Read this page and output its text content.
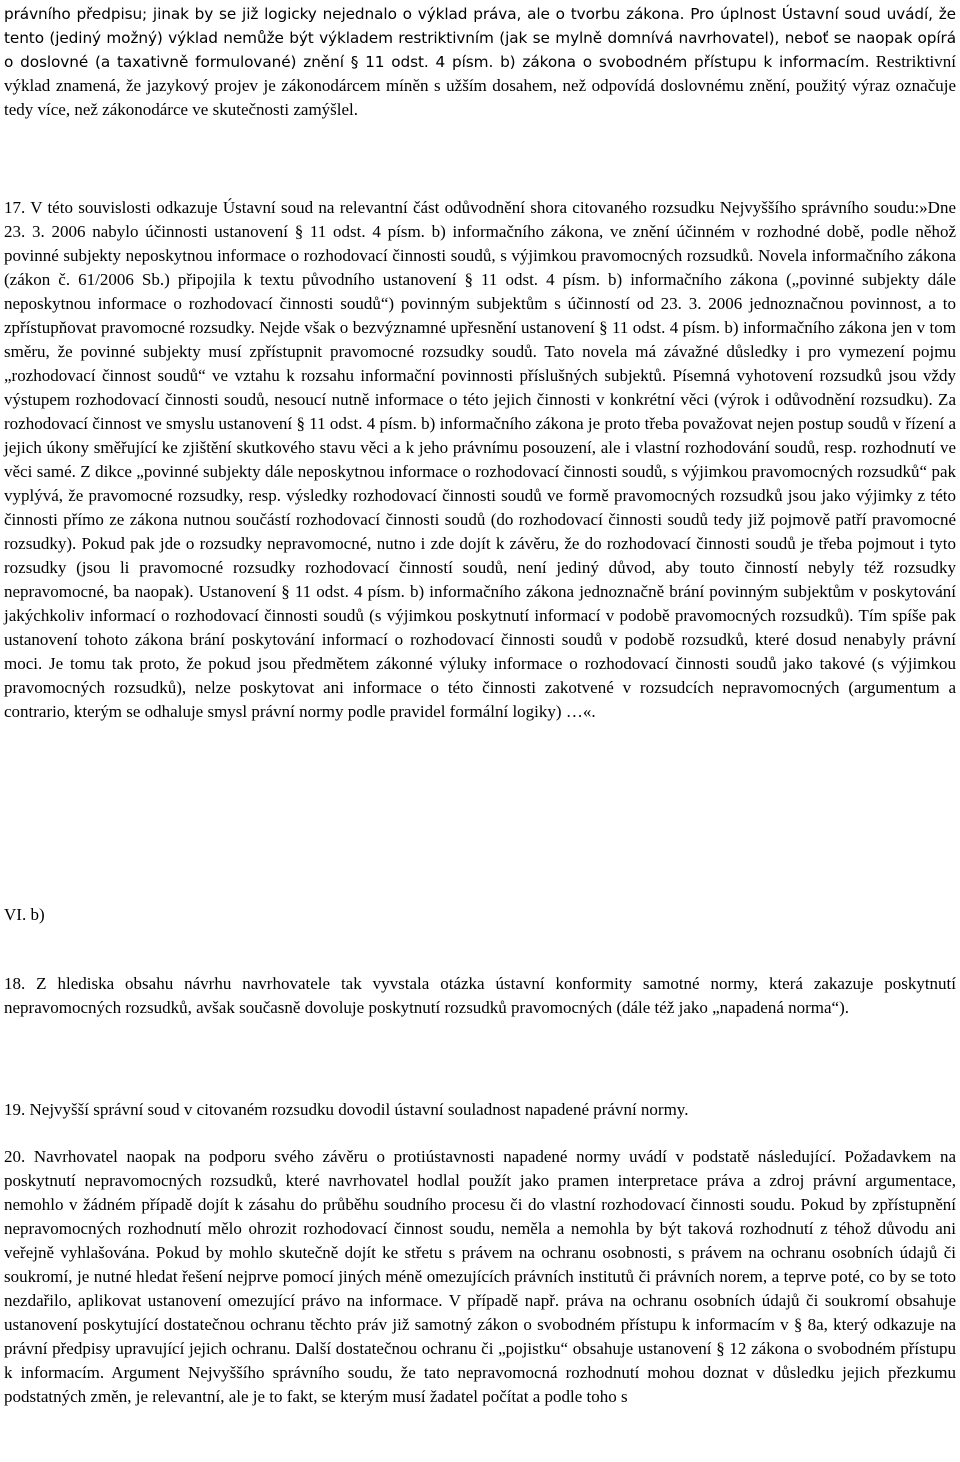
právního předpisu; jinak by se již logicky nejednalo o výklad práva, ale o tvorbu zákona. Pro úplnost Ústavní soud uvádí, že tento (jediný možný) výklad nemůže být výkladem restriktivním (jak se mylně domnívá navrhovatel), neboť se naopak opírá o doslovné (a taxativně formulované) znění § 11 odst. 4 písm. b) zákona o svobodném přístupu k informacím. Restriktivní výklad znamená, že jazykový projev je zákonodárcem míněn s užším dosahem, než odpovídá doslovnému znění, použitý výraz označuje tedy více, než zákonodárce ve skutečnosti zamýšlel.

17. V této souvislosti odkazuje Ústavní soud na relevantní část odůvodnění shora citovaného rozsudku Nejvyššího správního soudu:»Dne 23. 3. 2006 nabylo účinnosti ustanovení § 11 odst. 4 písm. b) informačního zákona, ve znění účinném v rozhodné době, podle něhož povinné subjekty neposkytnou informace o rozhodovací činnosti soudů, s výjimkou pravomocných rozsudků. Novela informačního zákona (zákon č. 61/2006 Sb.) připojila k textu původního ustanovení § 11 odst. 4 písm. b) informačního zákona („povinné subjekty dále neposkytnou informace o rozhodovací činnosti soudů“) povinným subjektům s účinností od 23. 3. 2006 jednoznačnou povinnost, a to zpřístupňovat pravomocné rozsudky. Nejde však o bezvýznamné upřesnění ustanovení § 11 odst. 4 písm. b) informačního zákona jen v tom směru, že povinné subjekty musí zpřístupnit pravomocné rozsudky soudů. Tato novela má závažné důsledky i pro vymezení pojmu „rozhodovací činnost soudů“ ve vztahu k rozsahu informační povinnosti příslušných subjektů. Písemná vyhotovení rozsudků jsou vždy výstupem rozhodovací činnosti soudů, nesoucí nutně informace o této jejich činnosti v konkrétní věci (výrok i odůvodnění rozsudku). Za rozhodovací činnost ve smyslu ustanovení § 11 odst. 4 písm. b) informačního zákona je proto třeba považovat nejen postup soudů v řízení a jejich úkony směřující ke zjištění skutkového stavu věci a k jeho právnímu posouzení, ale i vlastní rozhodování soudů, resp. rozhodnutí ve věci samé. Z dikce „povinné subjekty dále neposkytnou informace o rozhodovací činnosti soudů, s výjimkou pravomocných rozsudků“ pak vyplývá, že pravomocné rozsudky, resp. výsledky rozhodovací činnosti soudů ve formě pravomocných rozsudků jsou jako výjimky z této činnosti přímo ze zákona nutnou součástí rozhodovací činnosti soudů (do rozhodovací činnosti soudů tedy již pojmově patří pravomocné rozsudky). Pokud pak jde o rozsudky nepravomocné, nutno i zde dojít k závěru, že do rozhodovací činnosti soudů je třeba pojmout i tyto rozsudky (jsou li pravomocné rozsudky rozhodovací činností soudů, není jediný důvod, aby touto činností nebyly též rozsudky nepravomocné, ba naopak). Ustanovení § 11 odst. 4 písm. b) informačního zákona jednoznačně brání povinným subjektům v poskytování jakýchkoliv informací o rozhodovací činnosti soudů (s výjimkou poskytnutí informací v podobě pravomocných rozsudků). Tím spíše pak ustanovení tohoto zákona brání poskytování informací o rozhodovací činnosti soudů v podobě rozsudků, které dosud nenabyly právní moci. Je tomu tak proto, že pokud jsou předmětem zákonné výluky informace o rozhodovací činnosti soudů jako takové (s výjimkou pravomocných rozsudků), nelze poskytovat ani informace o této činnosti zakotvené v rozsudcích nepravomocných (argumentum a contrario, kterým se odhaluje smysl právní normy podle pravidel formální logiky) …«.

VI. b)

18. Z hlediska obsahu návrhu navrhovatele tak vyvstala otázka ústavní konformity samotné normy, která zakazuje poskytnutí nepravomocných rozsudků, avšak současně dovoluje poskytnutí rozsudků pravomocných (dále též jako „napadená norma“).

19. Nejvyšší správní soud v citovaném rozsudku dovodil ústavní souladnost napadené právní normy.

20. Navrhovatel naopak na podporu svého závěru o protiústavnosti napadené normy uvádí v podstatě následující. Požadavkem na poskytnutí nepravomocných rozsudků, které navrhovatel hodlal použít jako pramen interpretace práva a zdroj právní argumentace, nemohlo v žádném případě dojít k zásahu do průběhu soudního procesu či do vlastní rozhodovací činnosti soudu. Pokud by zpřístupnění nepravomocných rozhodnutí mělo ohrozit rozhodovací činnost soudu, neměla a nemohla by být taková rozhodnutí z téhož důvodu ani veřejně vyhlašována. Pokud by mohlo skutečně dojít ke střetu s právem na ochranu osobnosti, s právem na ochranu osobních údajů či soukromí, je nutné hledat řešení nejprve pomocí jiných méně omezujících právních institutů či právních norem, a teprve poté, co by se toto nezdařilo, aplikovat ustanovení omezující právo na informace. V případě např. práva na ochranu osobních údajů či soukromí obsahuje ustanovení poskytující dostatečnou ochranu těchto práv již samotný zákon o svobodném přístupu k informacím v § 8a, který odkazuje na právní předpisy upravující jejich ochranu. Další dostatečnou ochranu či „pojistku“ obsahuje ustanovení § 12 zákona o svobodném přístupu k informacím. Argument Nejvyššího správního soudu, že tato nepravomocná rozhodnutí mohou doznat v důsledku jejich přezkumu podstatných změn, je relevantní, ale je to fakt, se kterým musí žadatel počítat a podle toho s
